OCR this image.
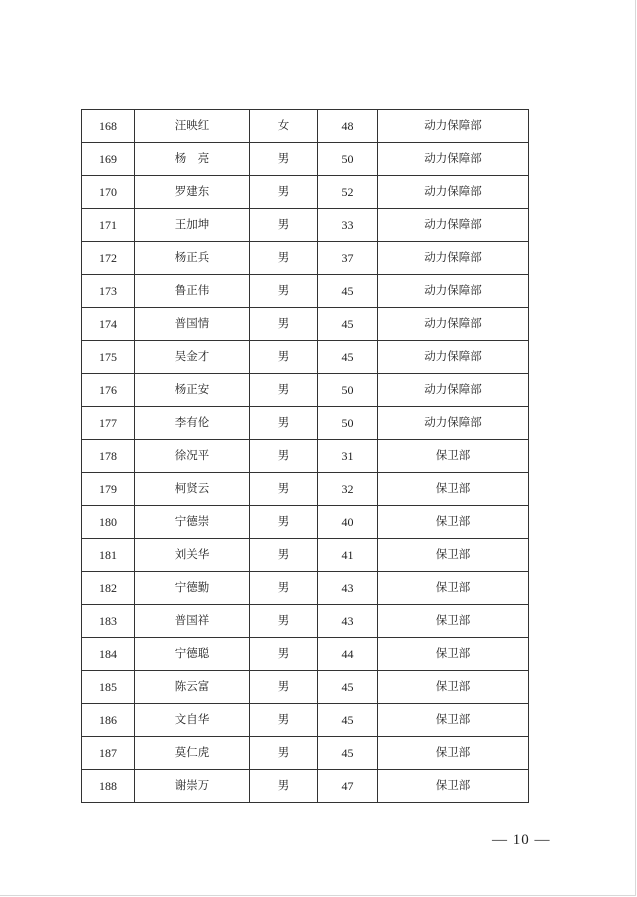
168	汪映红	女	48	动力保障部
169	杨　亮	男	50	动力保障部
170	罗建东	男	52	动力保障部
171	王加坤	男	33	动力保障部
172	杨正兵	男	37	动力保障部
173	鲁正伟	男	45	动力保障部
174	普国情	男	45	动力保障部
175	吴金才	男	45	动力保障部
176	杨正安	男	50	动力保障部
177	李有伦	男	50	动力保障部
178	徐况平	男	31	保卫部
179	柯贤云	男	32	保卫部
180	宁德崇	男	40	保卫部
181	刘关华	男	41	保卫部
182	宁德勤	男	43	保卫部
183	普国祥	男	43	保卫部
184	宁德聪	男	44	保卫部
185	陈云富	男	45	保卫部
186	文自华	男	45	保卫部
187	莫仁虎	男	45	保卫部
188	谢崇万	男	47	保卫部
— 10 —
